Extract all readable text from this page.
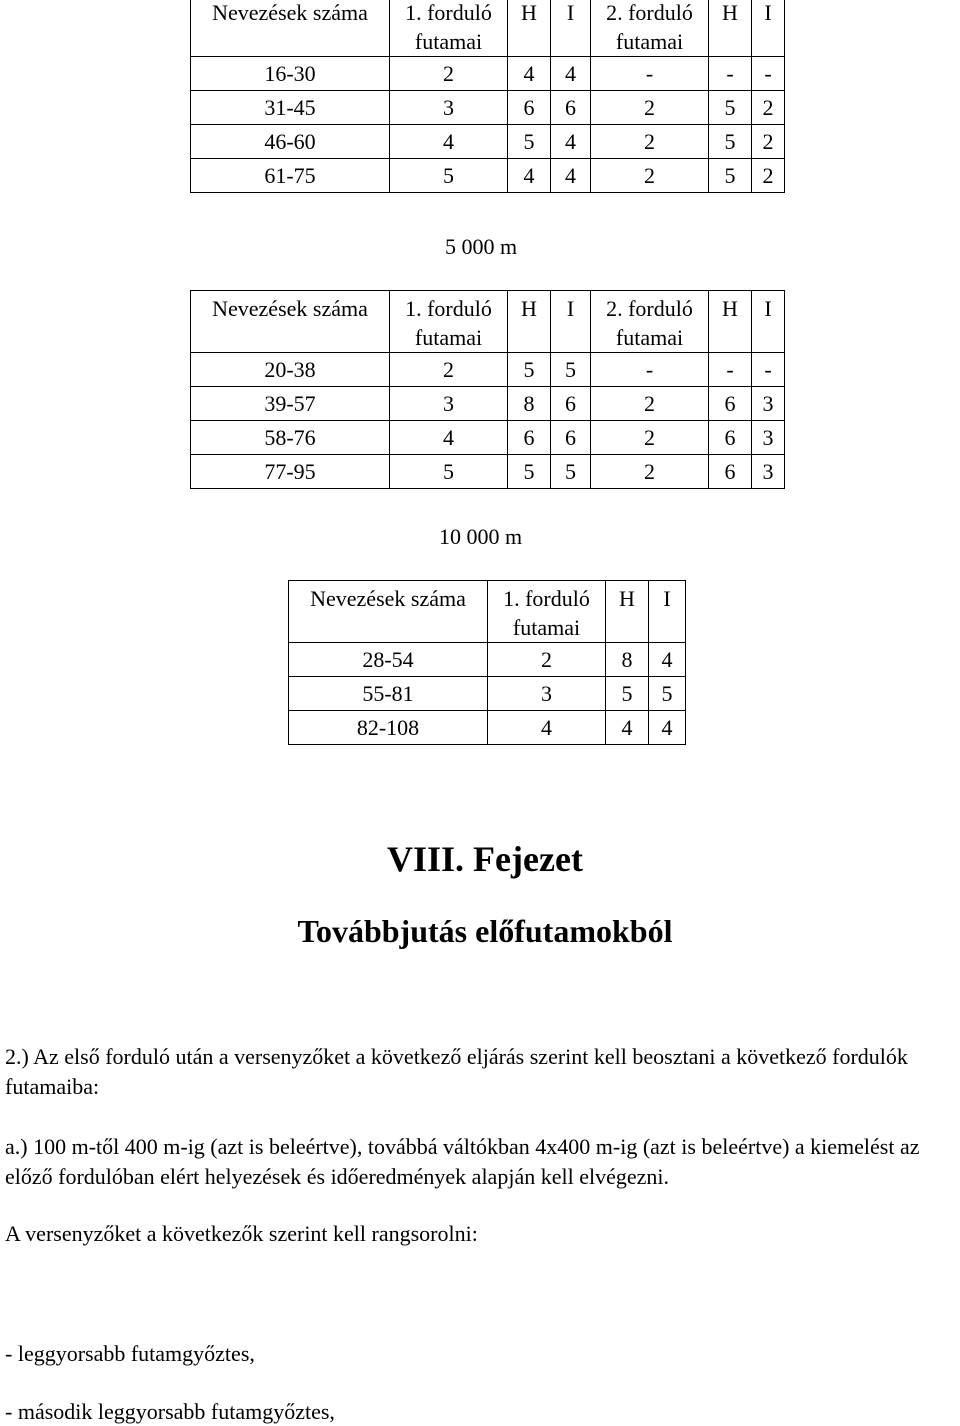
Nevezések száma	1. forduló futamai	H	I	2. forduló futamai	H	I
16-30	2	4	4	-	-	-
31-45	3	6	6	2	5	2
46-60	4	5	4	2	5	2
61-75	5	4	4	2	5	2
5 000 m
Nevezések száma	1. forduló futamai	H	I	2. forduló futamai	H	I
20-38	2	5	5	-	-	-
39-57	3	8	6	2	6	3
58-76	4	6	6	2	6	3
77-95	5	5	5	2	6	3
10 000 m
Nevezések száma	1. forduló futamai	H	I
28-54	2	8	4
55-81	3	5	5
82-108	4	4	4
VIII. Fejezet
Továbbjutás előfutamokból

2.) Az első forduló után a versenyzőket a következő eljárás szerint kell beosztani a következő fordulók futamaiba:

a.) 100 m-től 400 m-ig (azt is beleértve), továbbá váltókban 4x400 m-ig (azt is beleértve) a kiemelést az előző fordulóban elért helyezések és időeredmények alapján kell elvégezni.

A versenyzőket a következők szerint kell rangsorolni:

- leggyorsabb futamgyőztes,

- második leggyorsabb futamgyőztes,
